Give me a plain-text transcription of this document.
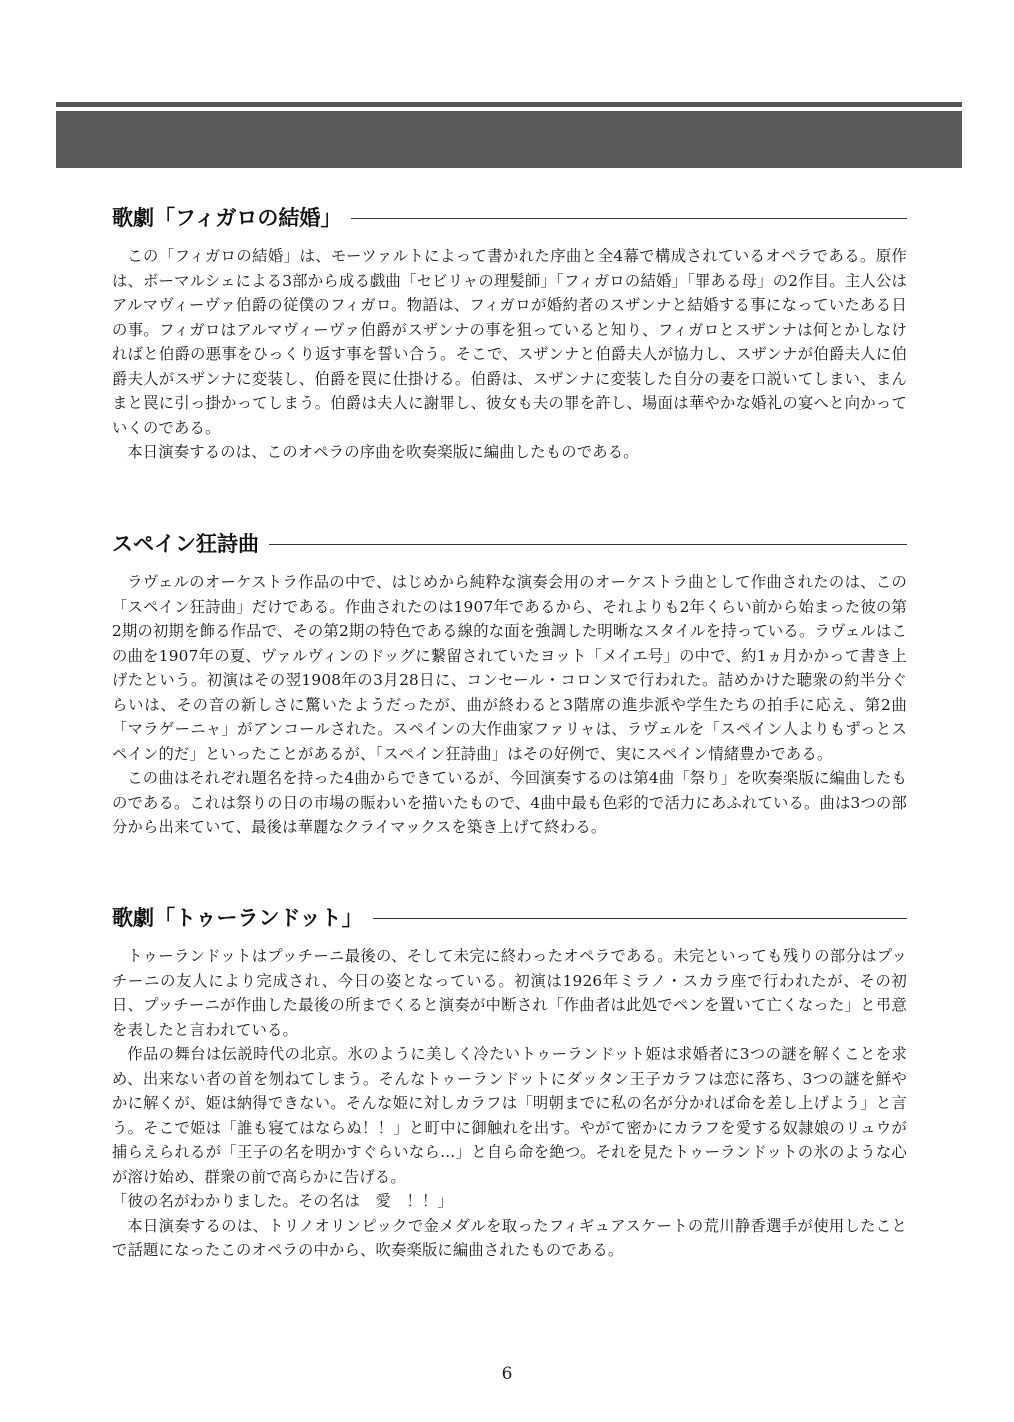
歌劇「フィガロの結婚」

この「フィガロの結婚」は、モーツァルトによって書かれた序曲と全4幕で構成されているオペラである。原作は、ボーマルシェによる3部から成る戯曲「セビリャの理髪師」「フィガロの結婚」「罪ある母」の2作目。主人公はアルマヴィーヴァ伯爵の従僕のフィガロ。物語は、フィガロが婚約者のスザンナと結婚する事になっていたある日の事。フィガロはアルマヴィーヴァ伯爵がスザンナの事を狙っていると知り、フィガロとスザンナは何とかしなければと伯爵の悪事をひっくり返す事を誓い合う。そこで、スザンナと伯爵夫人が協力し、スザンナが伯爵夫人に伯爵夫人がスザンナに変装し、伯爵を罠に仕掛ける。伯爵は、スザンナに変装した自分の妻を口説いてしまい、まんまと罠に引っ掛かってしまう。伯爵は夫人に謝罪し、彼女も夫の罪を許し、場面は華やかな婚礼の宴へと向かっていくのである。

本日演奏するのは、このオペラの序曲を吹奏楽版に編曲したものである。

スペイン狂詩曲

ラヴェルのオーケストラ作品の中で、はじめから純粋な演奏会用のオーケストラ曲として作曲されたのは、この「スペイン狂詩曲」だけである。作曲されたのは1907年であるから、それよりも2年くらい前から始まった彼の第2期の初期を飾る作品で、その第2期の特色である線的な面を強調した明晰なスタイルを持っている。ラヴェルはこの曲を1907年の夏、ヴァルヴィンのドッグに繋留されていたヨット「メイエ号」の中で、約1ヵ月かかって書き上げたという。初演はその翌1908年の3月28日に、コンセール・コロンヌで行われた。詰めかけた聴衆の約半分ぐらいは、その音の新しさに驚いたようだったが、曲が終わると3階席の進歩派や学生たちの拍手に応え、第2曲「マラゲーニャ」がアンコールされた。スペインの大作曲家ファリャは、ラヴェルを「スペイン人よりもずっとスペイン的だ」といったことがあるが、「スペイン狂詩曲」はその好例で、実にスペイン情緒豊かである。

この曲はそれぞれ題名を持った4曲からできているが、今回演奏するのは第4曲「祭り」を吹奏楽版に編曲したものである。これは祭りの日の市場の賑わいを描いたもので、4曲中最も色彩的で活力にあふれている。曲は3つの部分から出来ていて、最後は華麗なクライマックスを築き上げて終わる。

歌劇「トゥーランドット」

トゥーランドットはプッチーニ最後の、そして未完に終わったオペラである。未完といっても残りの部分はプッチーニの友人により完成され、今日の姿となっている。初演は1926年ミラノ・スカラ座で行われたが、その初日、プッチーニが作曲した最後の所までくると演奏が中断され「作曲者は此処でペンを置いて亡くなった」と弔意を表したと言われている。

作品の舞台は伝説時代の北京。氷のように美しく冷たいトゥーランドット姫は求婚者に3つの謎を解くことを求め、出来ない者の首を刎ねてしまう。そんなトゥーランドットにダッタン王子カラフは恋に落ち、3つの謎を鮮やかに解くが、姫は納得できない。そんな姫に対しカラフは「明朝までに私の名が分かれば命を差し上げよう」と言う。そこで姫は「誰も寝てはならぬ！！」と町中に御触れを出す。やがて密かにカラフを愛する奴隷娘のリュウが捕らえられるが「王子の名を明かすぐらいなら…」と自ら命を絶つ。それを見たトゥーランドットの氷のような心が溶け始め、群衆の前で高らかに告げる。

「彼の名がわかりました。その名は　愛　！！」

本日演奏するのは、トリノオリンピックで金メダルを取ったフィギュアスケートの荒川静香選手が使用したことで話題になったこのオペラの中から、吹奏楽版に編曲されたものである。

6
